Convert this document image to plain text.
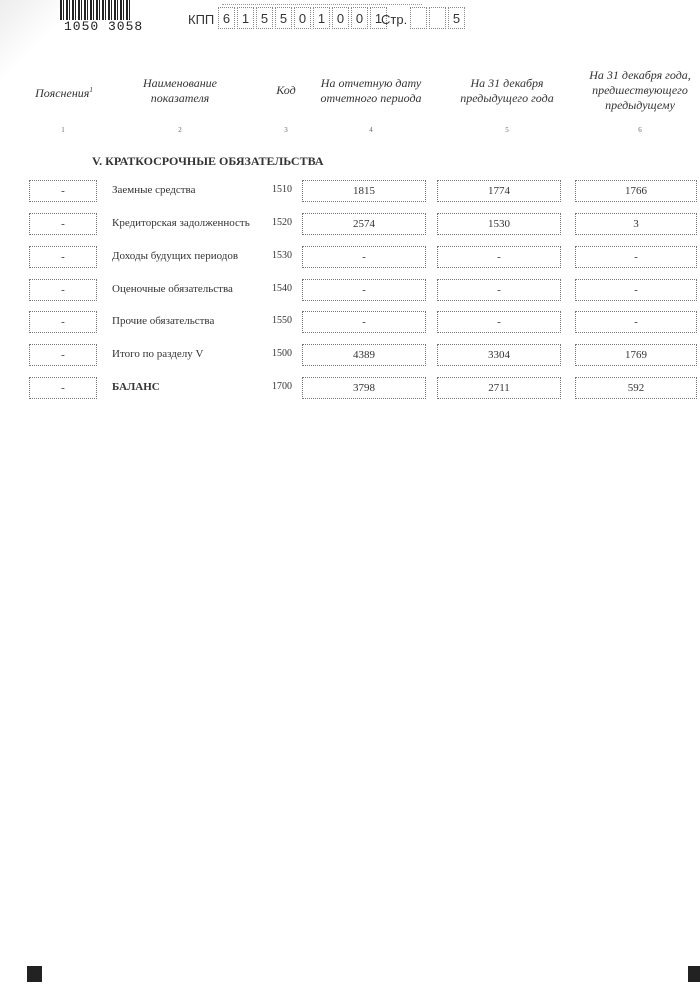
1050 3058	КПП 6 1 5 5 0 1 0 0 1
Стр.	5
Пояснения$^1$	Наименование
показателя
Код	На отчетную дату
отчетного периода
На 31 декабря
предыдущего года
На 31 декабря года,
предшествующего
предыдущему
1	2	3	4	5	6
V. КРАТКОСРОЧНЫЕ ОБЯЗАТЕЛЬСТВА
-	Заемные средства	1510	1815	1774	1766
-	Кредиторская задолженность 1520	2574	1530	3
-	Доходы будущих периодов	1530	-	-	-
-	Оценочные обязательства	1540	-	-	-
-	Прочие обязательства	1550	-	-	-
-	Итого по разделу V	1500	4389	3304	1769
-	БАЛАНС	1700	3798	2711	592
